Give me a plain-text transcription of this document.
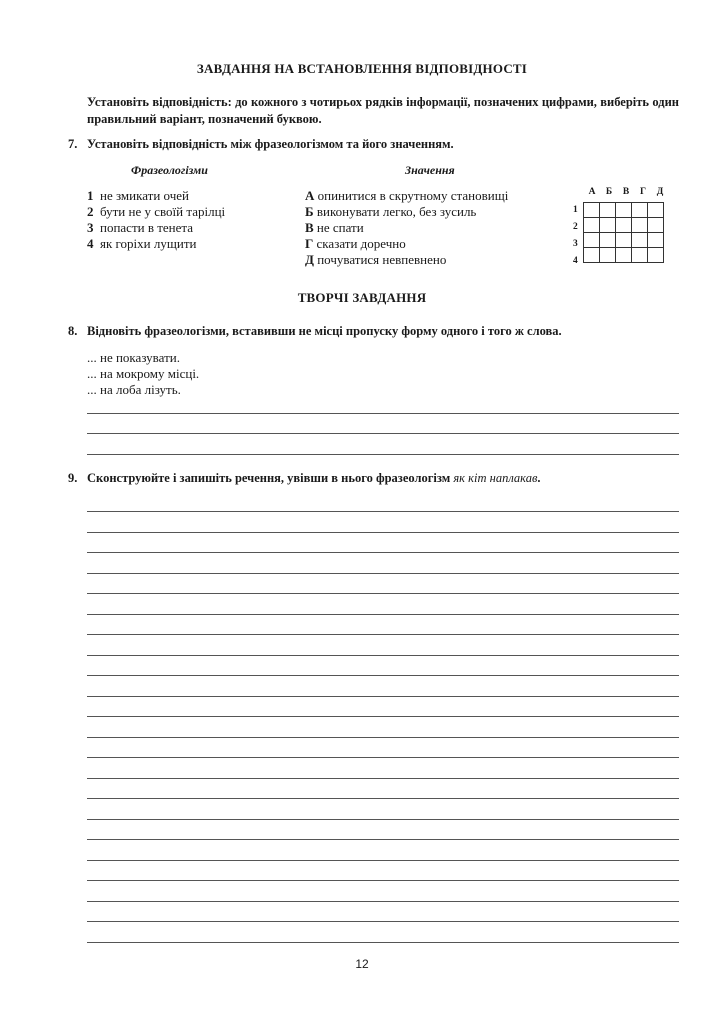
ЗАВДАННЯ НА ВСТАНОВЛЕННЯ ВІДПОВІДНОСТІ
Установіть відповідність: до кожного з чотирьох рядків інформації, позначених цифрами, виберіть один правильний варіант, позначений буквою.
7. Установіть відповідність між фразеологізмом та його значенням.
Фразеологізми	Значення
1 не змикати очей
2 бути не у своїй тарілці
3 попасти в тенета
4 як горіхи лущити
А опинитися в скрутному становищі
Б виконувати легко, без зусиль
В не спати
Г сказати доречно
Д почуватися невпевнено
А	Б	В	Г	Д
1
2
3
4

ТВОРЧІ ЗАВДАННЯ
8. Відновіть фразеологізми, вставивши не місці пропуску форму одного і того ж слова.
... не показувати.
... на мокрому місці.
... на лоба лізуть.
9. Сконструюйте і запишіть речення, увівши в нього фразеологізм як кіт наплакав.
12
